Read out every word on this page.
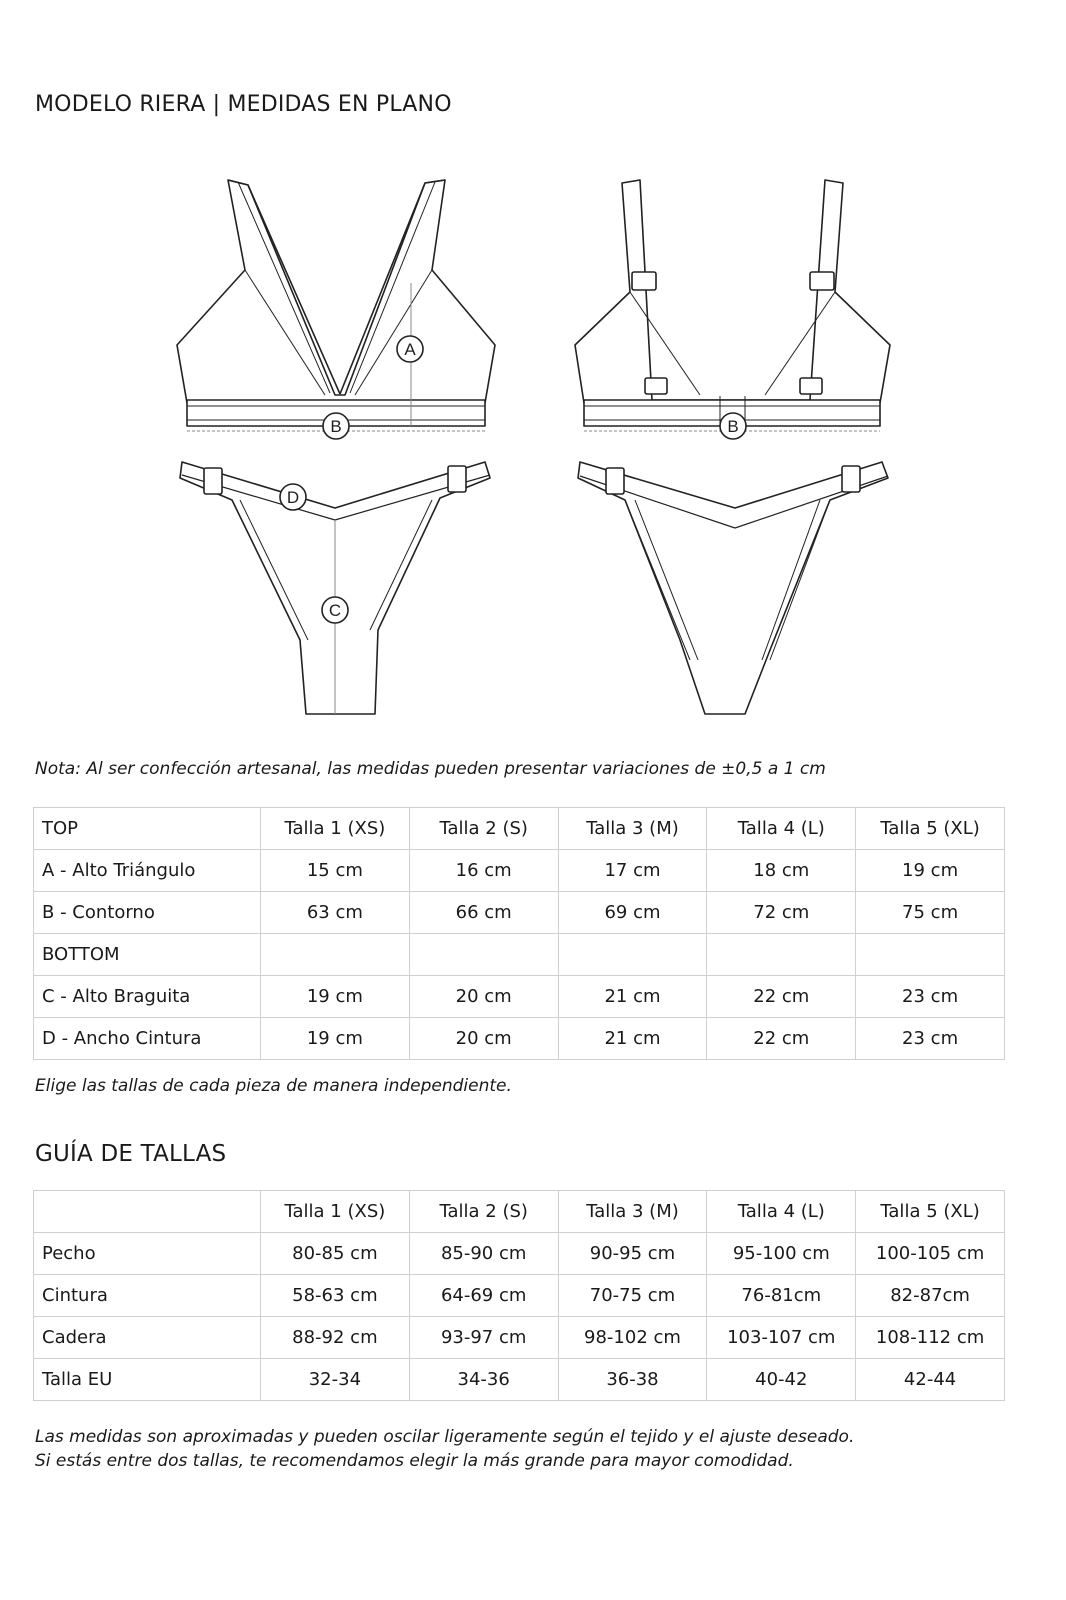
MODELO RIERA | MEDIDAS EN PLANO
A
B
D
C
B
Nota: Al ser confección artesanal, las medidas pueden presentar variaciones de ±0,5 a 1 cm
TOP	Talla 1 (XS)	Talla 2 (S)	Talla 3 (M)	Talla 4 (L)	Talla 5 (XL)
A - Alto Triángulo	15 cm	16 cm	17 cm	18 cm	19 cm
B - Contorno	63 cm	66 cm	69 cm	72 cm	75 cm
BOTTOM					
C - Alto Braguita	19 cm	20 cm	21 cm	22 cm	23 cm
D - Ancho Cintura	19 cm	20 cm	21 cm	22 cm	23 cm
Elige las tallas de cada pieza de manera independiente.
GUÍA DE TALLAS
	Talla 1 (XS)	Talla 2 (S)	Talla 3 (M)	Talla 4 (L)	Talla 5 (XL)
Pecho	80-85 cm	85-90 cm	90-95 cm	95-100 cm	100-105 cm
Cintura	58-63 cm	64-69 cm	70-75 cm	76-81cm	82-87cm
Cadera	88-92 cm	93-97 cm	98-102 cm	103-107 cm	108-112 cm
Talla EU	32-34	34-36	36-38	40-42	42-44
Las medidas son aproximadas y pueden oscilar ligeramente según el tejido y el ajuste deseado.
Si estás entre dos tallas, te recomendamos elegir la más grande para mayor comodidad.
